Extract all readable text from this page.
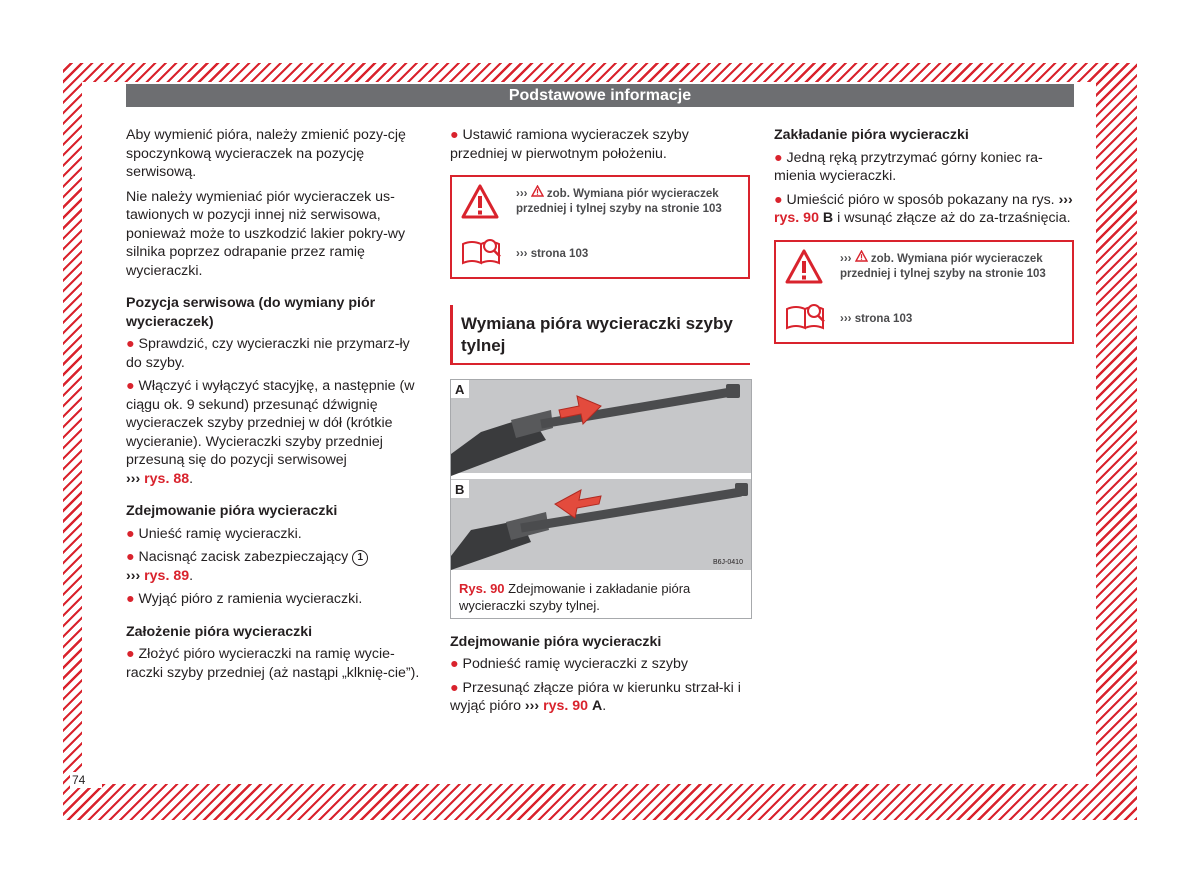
Podstawowe informacje

Aby wymienić pióra, należy zmienić pozy-cję spoczynkową wycieraczek na pozycję serwisową.

Nie należy wymieniać piór wycieraczek us-tawionych w pozycji innej niż serwisowa, ponieważ może to uszkodzić lakier pokry-wy silnika poprzez odrapanie przez ramię wycieraczki.

Pozycja serwisowa (do wymiany piór wycieraczek)

● Sprawdzić, czy wycieraczki nie przymarz-ły do szyby.

● Włączyć i wyłączyć stacyjkę, a następnie (w ciągu ok. 9 sekund) przesunąć dźwignię wycieraczek szyby przedniej w dół (krótkie wycieranie). Wycieraczki szyby przedniej przesuną się do pozycji serwisowej
››› rys. 88.

Zdejmowanie pióra wycieraczki

● Unieść ramię wycieraczki.

● Nacisnąć zacisk zabezpieczający 1
››› rys. 89.

● Wyjąć pióro z ramienia wycieraczki.

Założenie pióra wycieraczki

● Złożyć pióro wycieraczki na ramię wycie-raczki szyby przedniej (aż nastąpi „klknię-cie”).

● Ustawić ramiona wycieraczek szyby przedniej w pierwotnym położeniu.

››› zob. Wymiana piór wycieraczek przedniej i tylnej szyby na stronie 103
››› strona 103
Wymiana pióra wycieraczki szyby tylnej
A
B
B6J-0410
Rys. 90 Zdejmowanie i zakładanie pióra wycieraczki szyby tylnej.

Zdejmowanie pióra wycieraczki

● Podnieść ramię wycieraczki z szyby

● Przesunąć złącze pióra w kierunku strzał-ki i wyjąć pióro ››› rys. 90 A.

Zakładanie pióra wycieraczki

● Jedną ręką przytrzymać górny koniec ra-mienia wycieraczki.

● Umieścić pióro w sposób pokazany na rys. ››› rys. 90 B i wsunąć złącze aż do za-trzaśnięcia.

››› zob. Wymiana piór wycieraczek przedniej i tylnej szyby na stronie 103
››› strona 103
74
